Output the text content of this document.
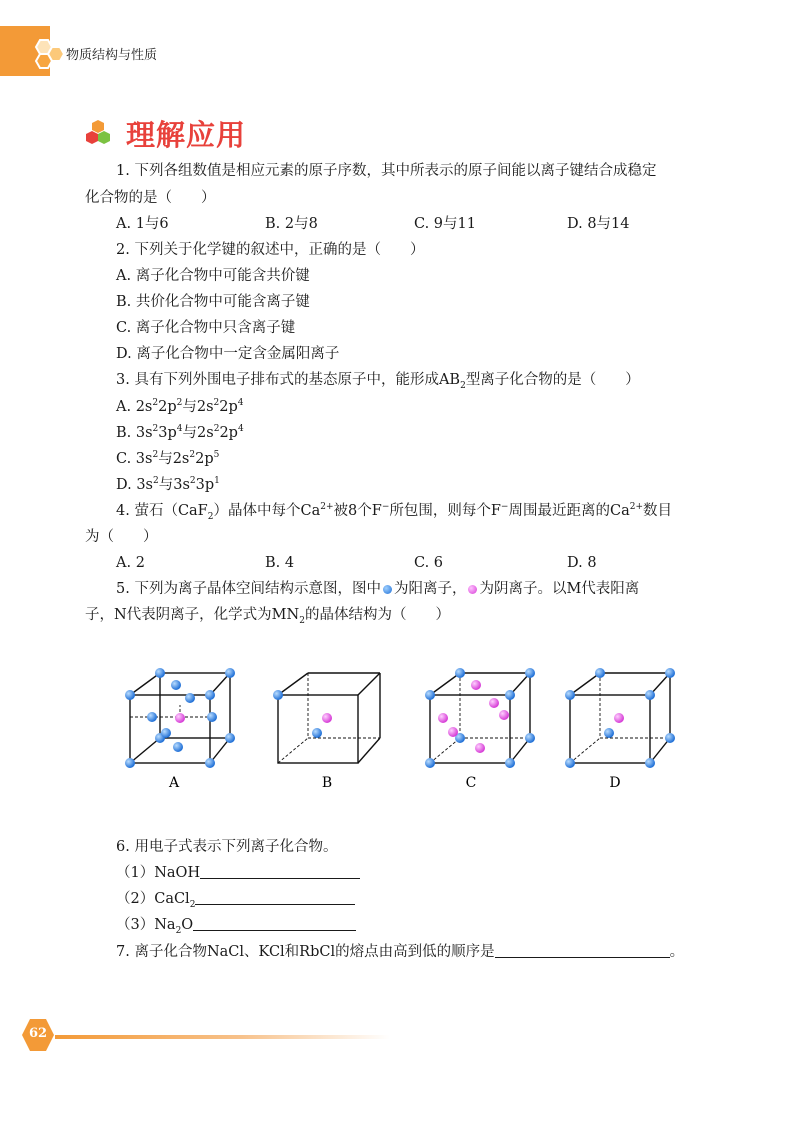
物质结构与性质
理解应用
1. 下列各组数值是相应元素的原子序数，其中所表示的原子间能以离子键结合成稳定
化合物的是（　　）
A. 1与6	B. 2与8	C. 9与11	D. 8与14
2. 下列关于化学键的叙述中，正确的是（　　）
A. 离子化合物中可能含共价键
B. 共价化合物中可能含离子键
C. 离子化合物中只含离子键
D. 离子化合物中一定含金属阳离子
3. 具有下列外围电子排布式的基态原子中，能形成$AB_2$型离子化合物的是（　　）
A. $2s^22p^2$与$2s^22p^4$
B. $3s^23p^4$与$2s^22p^4$
C. $3s^2$与$2s^22p^5$
D. $3s^2$与$3s^23p^1$
4. 萤石（CaF$_2$）晶体中每个$Ca^{2+}$被8个F−所包围，则每个F−周围最近距离的$Ca^{2+}$数目
为（　　）
A. 2	B. 4	C. 6	D. 8
5. 下列为离子晶体空间结构示意图，图中 为阳离子， 为阴离子。以M代表阳离
子，N代表阴离子，化学式为$MN_2$的晶体结构为（　　）
A	B	C	D
6. 用电子式表示下列离子化合物。
（1）NaOH
（2）CaCl$_2$
$(3)Na_2O$
7. 离子化合物NaCl、KCl和RbCl的熔点由高到低的顺序是	。
62
